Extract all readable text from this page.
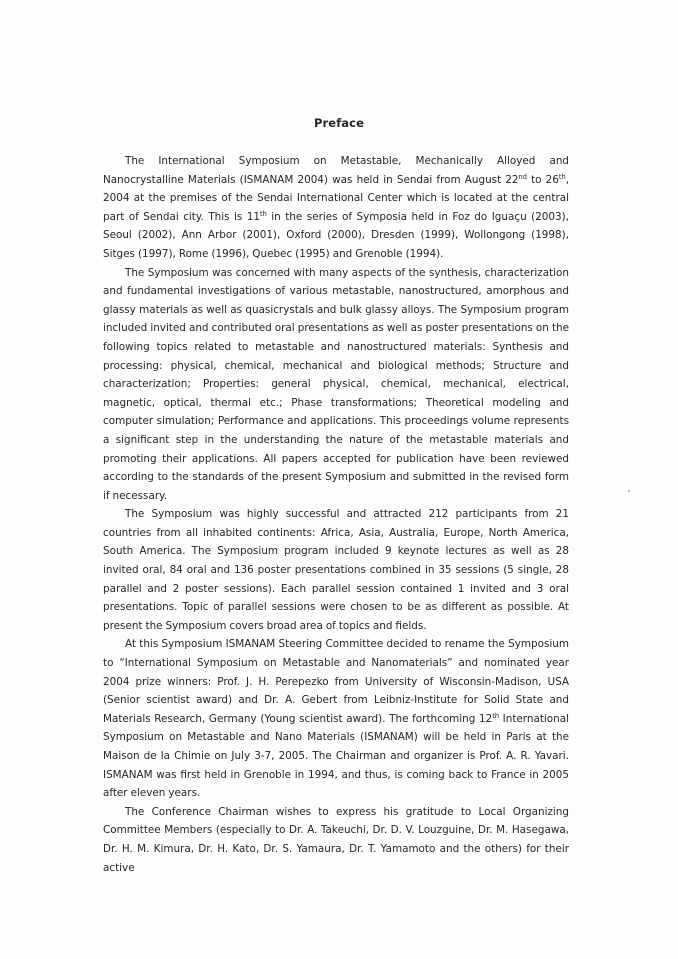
Preface

The International Symposium on Metastable, Mechanically Alloyed and Nanocrystalline Materials (ISMANAM 2004) was held in Sendai from August 22nd to 26th, 2004 at the premises of the Sendai International Center which is located at the central part of Sendai city. This is 11th in the series of Symposia held in Foz do Iguaçu (2003), Seoul (2002), Ann Arbor (2001), Oxford (2000), Dresden (1999), Wollongong (1998), Sitges (1997), Rome (1996), Quebec (1995) and Grenoble (1994).

The Symposium was concerned with many aspects of the synthesis, characterization and fundamental investigations of various metastable, nanostructured, amorphous and glassy materials as well as quasicrystals and bulk glassy alloys. The Symposium program included invited and contributed oral presentations as well as poster presentations on the following topics related to metastable and nanostructured materials: Synthesis and processing: physical, chemical, mechanical and biological methods; Structure and characterization; Properties: general physical, chemical, mechanical, electrical, magnetic, optical, thermal etc.; Phase transformations; Theoretical modeling and computer simulation; Performance and applications. This proceedings volume represents a significant step in the understanding the nature of the metastable materials and promoting their applications. All papers accepted for publication have been reviewed according to the standards of the present Symposium and submitted in the revised form if necessary.

The Symposium was highly successful and attracted 212 participants from 21 countries from all inhabited continents: Africa, Asia, Australia, Europe, North America, South America. The Symposium program included 9 keynote lectures as well as 28 invited oral, 84 oral and 136 poster presentations combined in 35 sessions (5 single, 28 parallel and 2 poster sessions). Each parallel session contained 1 invited and 3 oral presentations. Topic of parallel sessions were chosen to be as different as possible. At present the Symposium covers broad area of topics and fields.

At this Symposium ISMANAM Steering Committee decided to rename the Symposium to “International Symposium on Metastable and Nanomaterials” and nominated year 2004 prize winners: Prof. J. H. Perepezko from University of Wisconsin-Madison, USA (Senior scientist award) and Dr. A. Gebert from Leibniz-Institute for Solid State and Materials Research, Germany (Young scientist award). The forthcoming 12th International Symposium on Metastable and Nano Materials (ISMANAM) will be held in Paris at the Maison de la Chimie on July 3-7, 2005. The Chairman and organizer is Prof. A. R. Yavari. ISMANAM was first held in Grenoble in 1994, and thus, is coming back to France in 2005 after eleven years.

The Conference Chairman wishes to express his gratitude to Local Organizing Committee Members (especially to Dr. A. Takeuchi, Dr. D. V. Louzguine, Dr. M. Hasegawa, Dr. H. M. Kimura, Dr. H. Kato, Dr. S. Yamaura, Dr. T. Yamamoto and the others) for their active
